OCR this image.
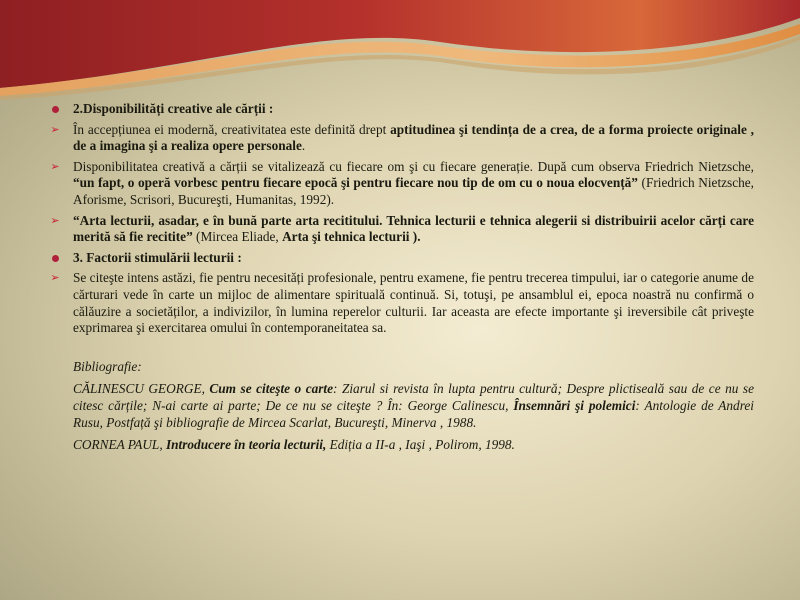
2.Disponibilități creative ale cărții :
➢ În accepțiunea ei modernă, creativitatea este definită drept aptitudinea şi tendința de a crea, de a forma proiecte originale , de a imagina şi a realiza opere personale.
➢ Disponibilitatea creativă a cărții se vitalizează cu fiecare om şi cu fiecare generație. După cum observa Friedrich Nietzsche, “un fapt, o operă vorbesc pentru fiecare epocă şi pentru fiecare nou tip de om cu o noua elocvență” (Friedrich Nietzsche, Aforisme, Scrisori, Bucureşti, Humanitas, 1992).
➢ “Arta lecturii, asadar, e în bună parte arta recititului. Tehnica lecturii e tehnica alegerii si distribuirii acelor cărți care merită să fie recitite” (Mircea Eliade, Arta şi tehnica lecturii ).
3. Factorii stimulării lecturii :
➢ Se citeşte intens astăzi, fie pentru necesități profesionale, pentru examene, fie pentru trecerea timpului, iar o categorie anume de cărturari vede în carte un mijloc de alimentare spirituală continuă. Si, totuşi, pe ansamblul ei, epoca noastră nu confirmă o călăuzire a societăților, a indivizilor, în lumina reperelor culturii. Iar aceasta are efecte importante şi ireversibile cât priveşte exprimarea şi exercitarea omului în contemporaneitatea sa.

Bibliografie:

CĂLINESCU GEORGE, Cum se citeşte o carte: Ziarul si revista în lupta pentru cultură; Despre plictiseală sau de ce nu se citesc cărțile; N-ai carte ai parte; De ce nu se citeşte ? În: George Calinescu, Însemnări şi polemici: Antologie de Andrei Rusu, Postfață şi bibliografie de Mircea Scarlat, Bucureşti, Minerva , 1988.

CORNEA PAUL, Introducere în teoria lecturii, Ediția a II-a , Iaşi , Polirom, 1998.
